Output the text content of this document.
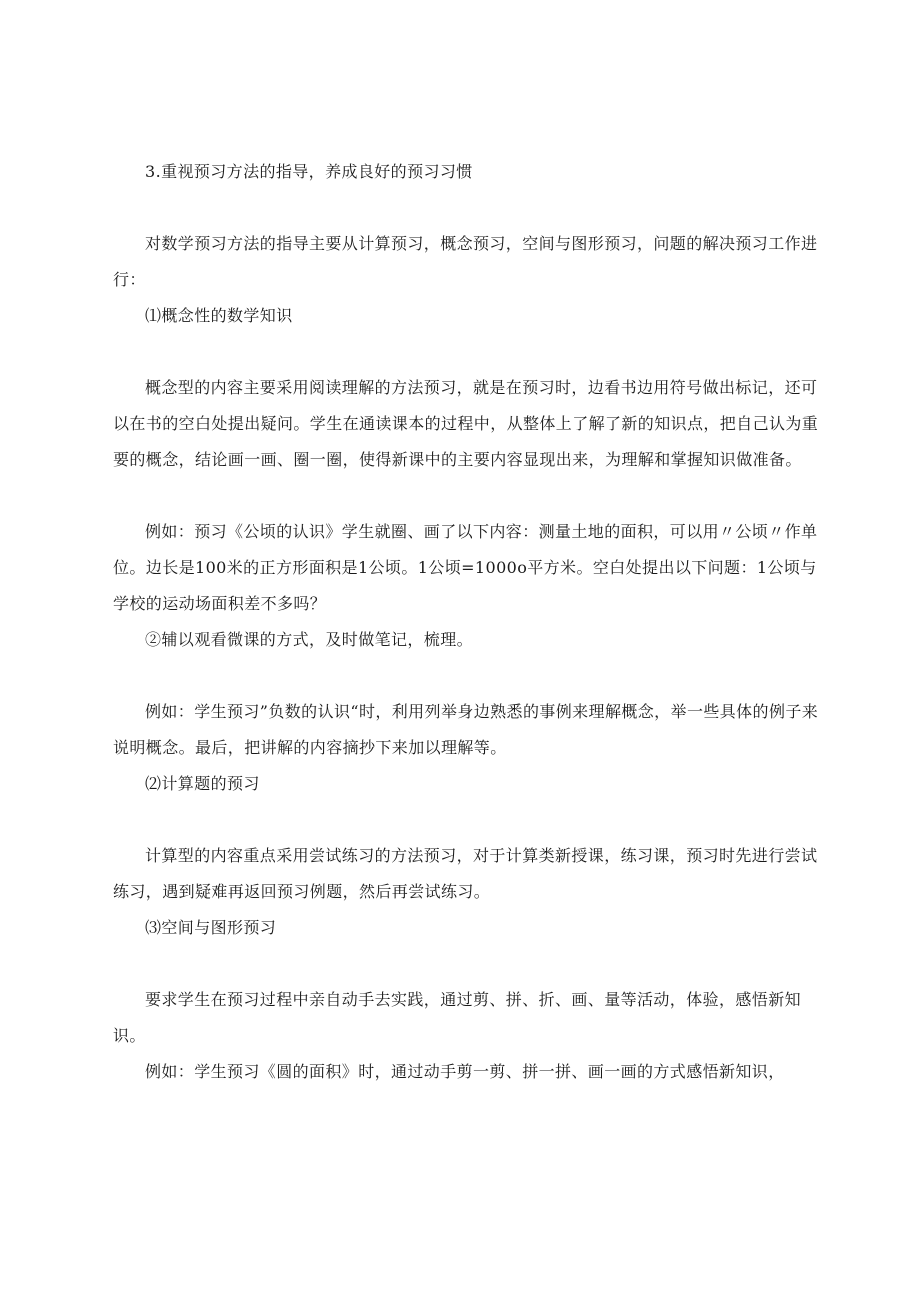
3.重视预习方法的指导，养成良好的预习习惯

对数学预习方法的指导主要从计算预习，概念预习，空间与图形预习，问题的解决预习工作进行：

⑴概念性的数学知识

概念型的内容主要采用阅读理解的方法预习，就是在预习时，边看书边用符号做出标记，还可以在书的空白处提出疑问。学生在通读课本的过程中，从整体上了解了新的知识点，把自己认为重要的概念，结论画一画、圈一圈，使得新课中的主要内容显现出来，为理解和掌握知识做准备。

例如：预习《公顷的认识》学生就圈、画了以下内容：测量土地的面积，可以用〃公顷〃作单位。边长是100米的正方形面积是1公顷。1公顷=1000o平方米。空白处提出以下问题：1公顷与学校的运动场面积差不多吗？

②辅以观看微课的方式，及时做笔记，梳理。

例如：学生预习”负数的认识“时，利用列举身边熟悉的事例来理解概念，举一些具体的例子来说明概念。最后，把讲解的内容摘抄下来加以理解等。

⑵计算题的预习

计算型的内容重点采用尝试练习的方法预习，对于计算类新授课，练习课，预习时先进行尝试练习，遇到疑难再返回预习例题，然后再尝试练习。

⑶空间与图形预习

要求学生在预习过程中亲自动手去实践，通过剪、拼、折、画、量等活动，体验，感悟新知识。

例如：学生预习《圆的面积》时，通过动手剪一剪、拼一拼、画一画的方式感悟新知识，
